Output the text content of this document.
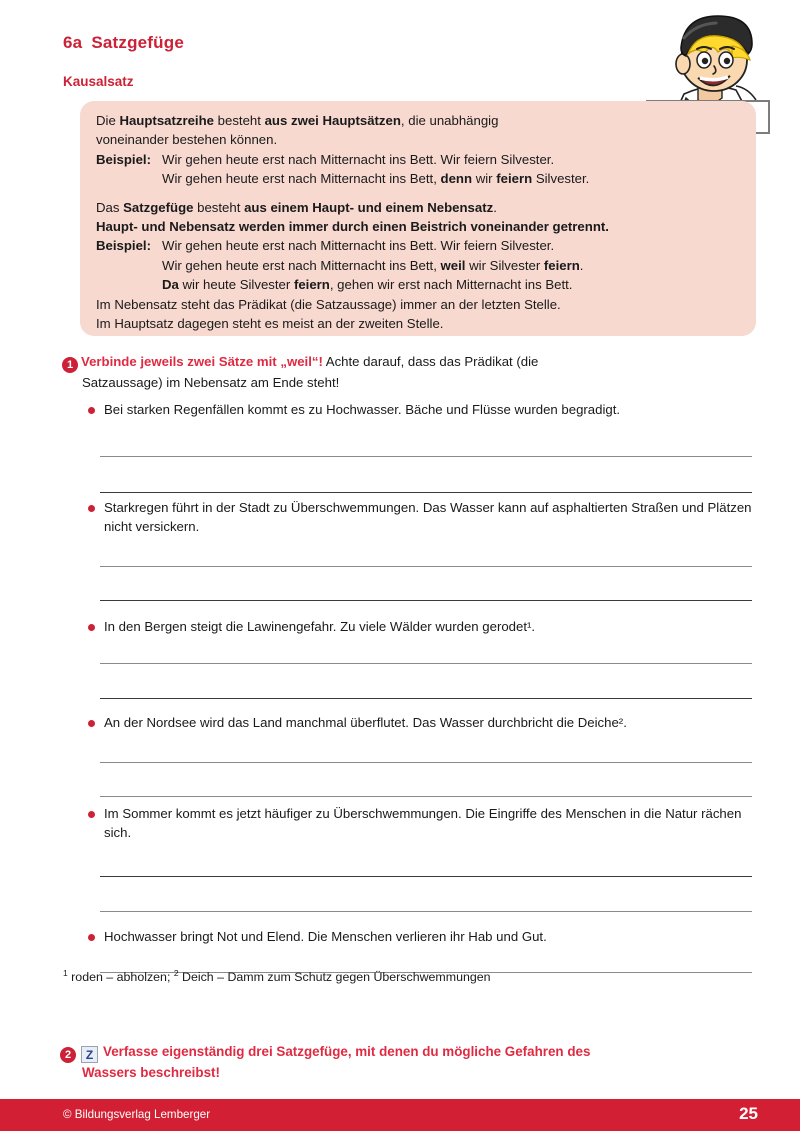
6a Satzgefüge
Kausalsatz

Die Hauptsatzreihe besteht aus zwei Hauptsätzen, die unabhängig

voneinander bestehen können.

Beispiel: Wir gehen heute erst nach Mitternacht ins Bett. Wir feiern Silvester.

Wir gehen heute erst nach Mitternacht ins Bett, denn wir feiern Silvester.

Das Satzgefüge besteht aus einem Haupt- und einem Nebensatz.

Haupt- und Nebensatz werden immer durch einen Beistrich voneinander getrennt.

Beispiel: Wir gehen heute erst nach Mitternacht ins Bett. Wir feiern Silvester.

Wir gehen heute erst nach Mitternacht ins Bett, weil wir Silvester feiern.

Da wir heute Silvester feiern, gehen wir erst nach Mitternacht ins Bett.

Im Nebensatz steht das Prädikat (die Satzaussage) immer an der letzten Stelle.

Im Hauptsatz dagegen steht es meist an der zweiten Stelle.

1 Verbinde jeweils zwei Sätze mit „weil“! Achte darauf, dass das Prädikat (die
Satzaussage) im Nebensatz am Ende steht!
Bei starken Regenfällen kommt es zu Hochwasser. Bäche und Flüsse wurden begradigt.
Starkregen führt in der Stadt zu Überschwemmungen. Das Wasser kann auf asphaltierten Straßen und Plätzen nicht versickern.
In den Bergen steigt die Lawinengefahr. Zu viele Wälder wurden gerodet¹.
An der Nordsee wird das Land manchmal überflutet. Das Wasser durchbricht die Deiche².
Im Sommer kommt es jetzt häufiger zu Überschwemmungen. Die Eingriffe des Menschen in die Natur rächen sich.
Hochwasser bringt Not und Elend. Die Menschen verlieren ihr Hab und Gut.
$^1$ roden – abholzen; $^2$ Deich – Damm zum Schutz gegen Überschwemmungen
2 Z Verfasse eigenständig drei Satzgefüge, mit denen du mögliche Gefahren des
Wassers beschreibst!
© Bildungsverlag Lemberger	25
